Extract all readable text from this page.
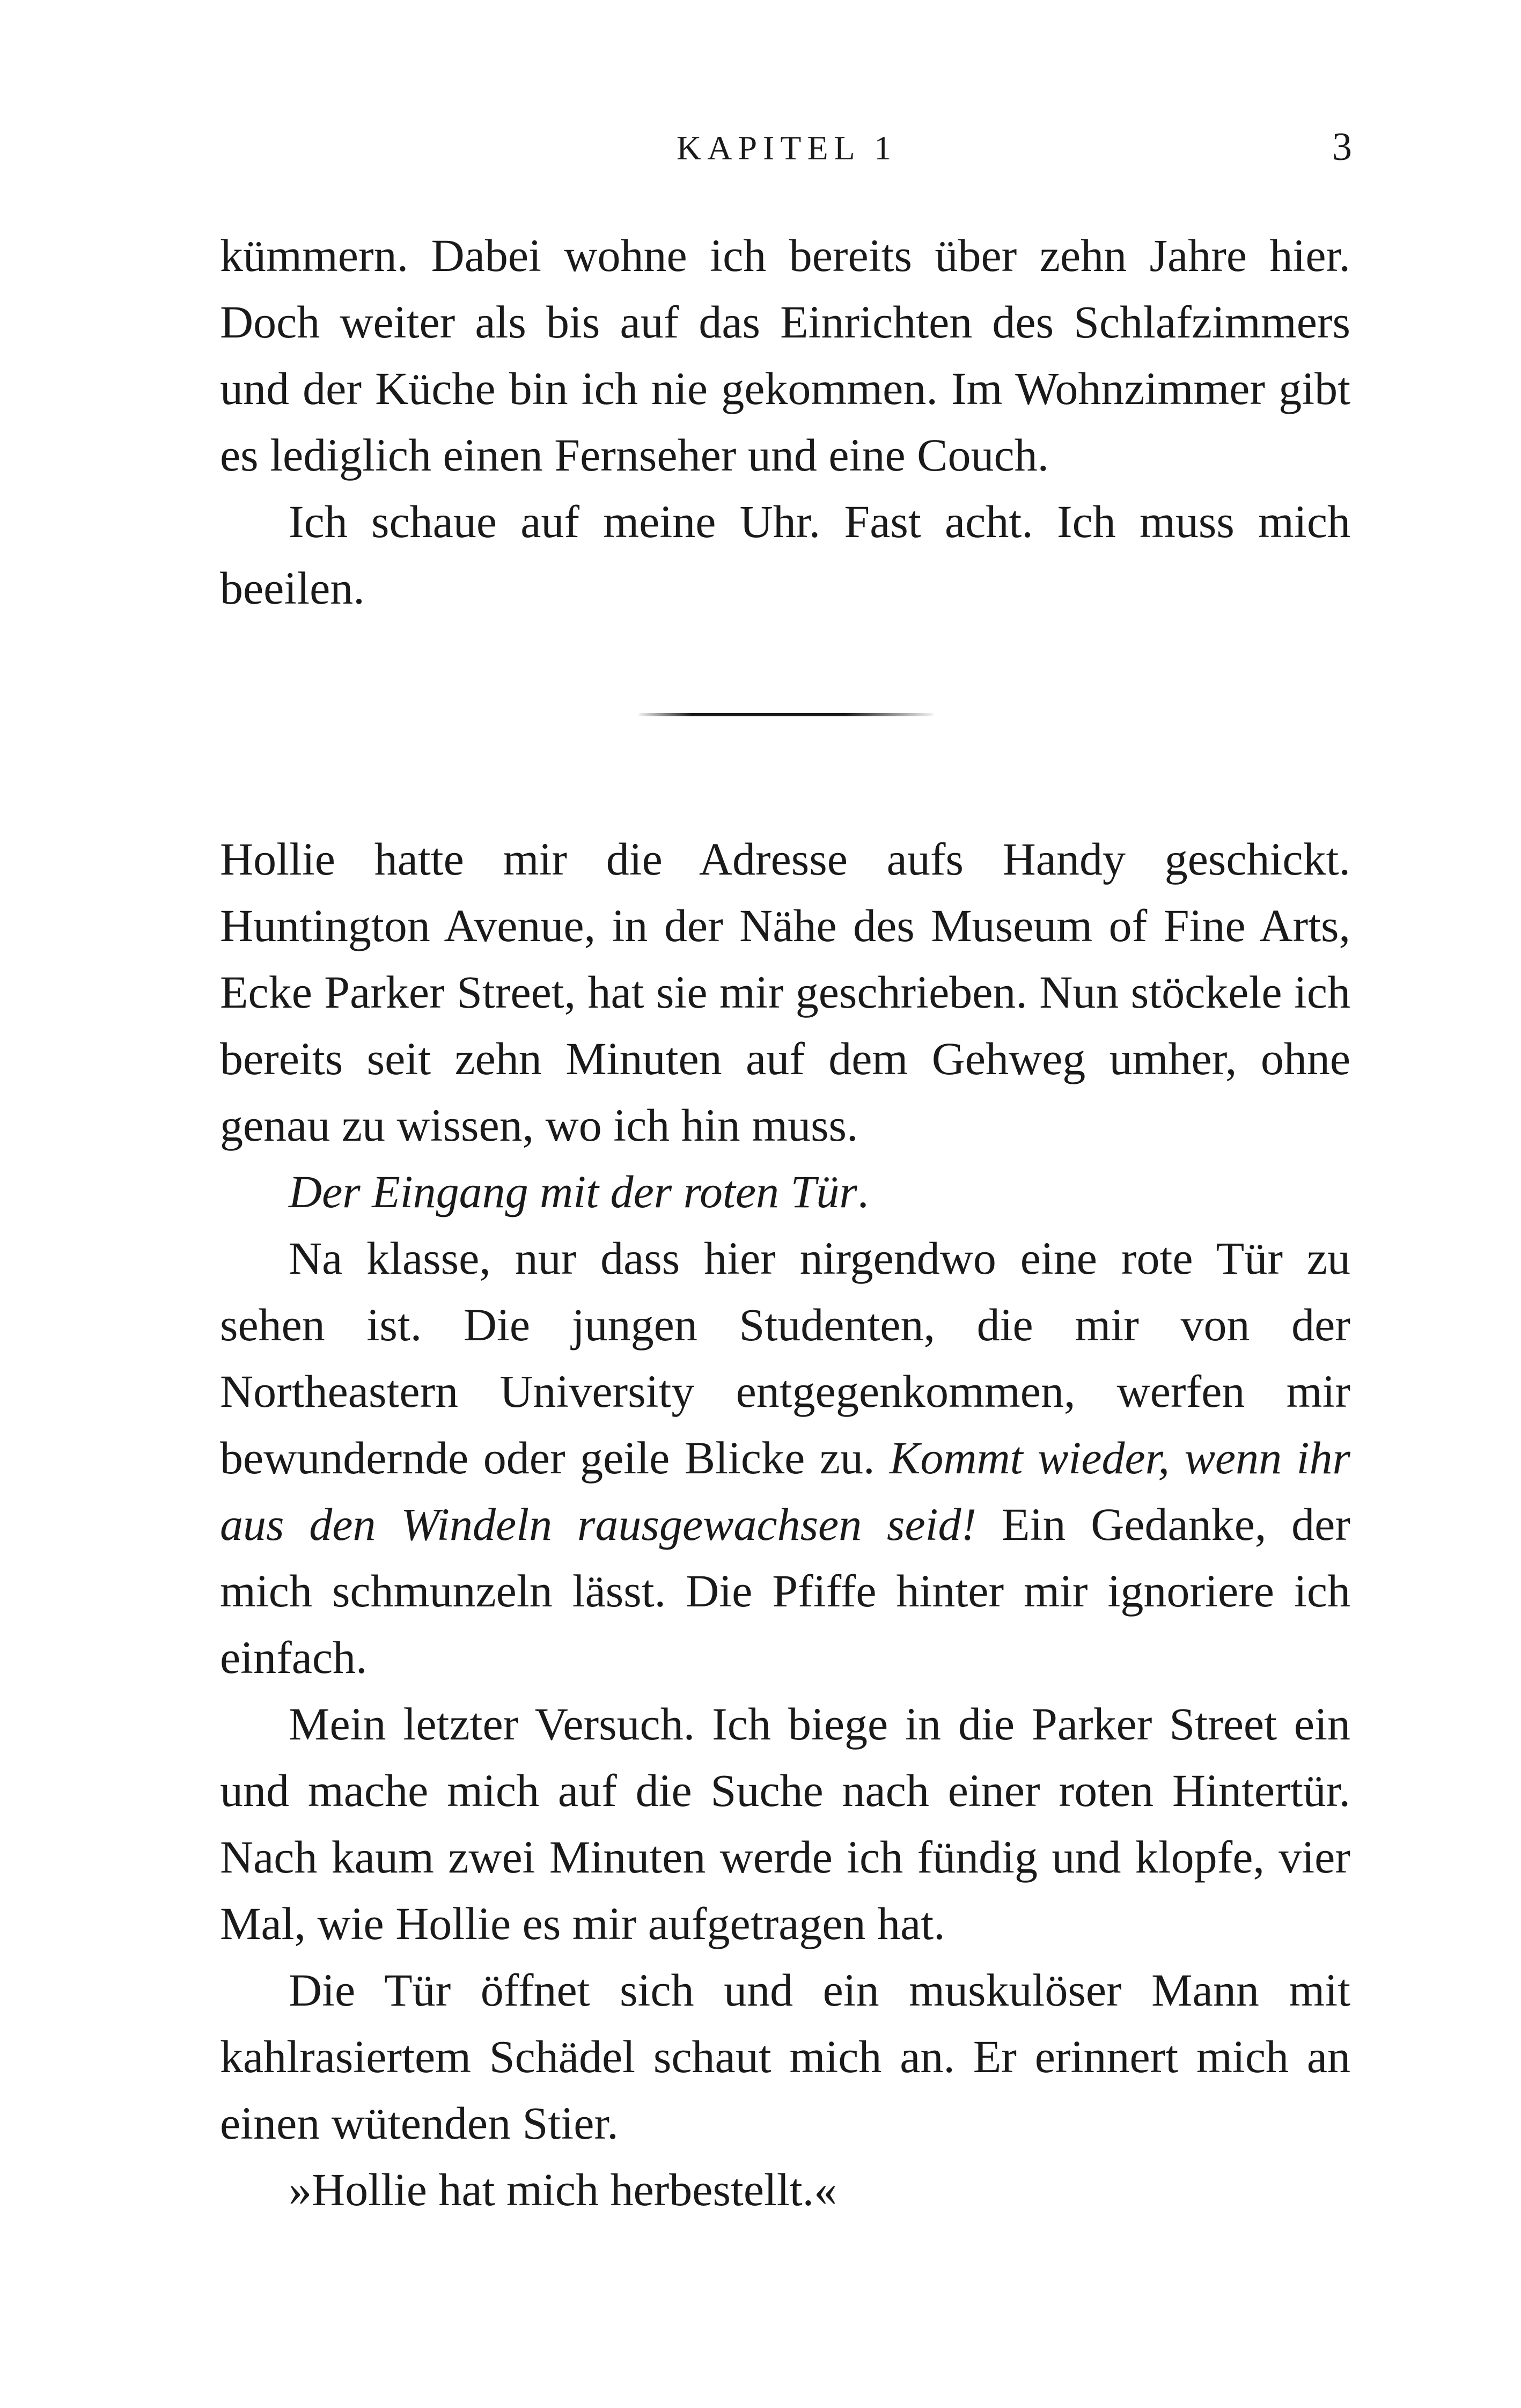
KAPITEL 1	3

kümmern. Dabei wohne ich bereits über zehn Jahre hier. Doch weiter als bis auf das Einrichten des Schlafzimmers und der Küche bin ich nie gekommen. Im Wohnzimmer gibt es lediglich einen Fernseher und eine Couch.

Ich schaue auf meine Uhr. Fast acht. Ich muss mich beeilen.

Hollie hatte mir die Adresse aufs Handy geschickt. Huntington Avenue, in der Nähe des Museum of Fine Arts, Ecke Parker Street, hat sie mir geschrieben. Nun stöckele ich bereits seit zehn Minuten auf dem Gehweg umher, ohne genau zu wissen, wo ich hin muss.

Der Eingang mit der roten Tür.

Na klasse, nur dass hier nirgendwo eine rote Tür zu sehen ist. Die jungen Studenten, die mir von der Northeastern University entgegenkommen, werfen mir bewundernde oder geile Blicke zu. Kommt wieder, wenn ihr aus den Windeln rausgewachsen seid! Ein Gedanke, der mich schmunzeln lässt. Die Pfiffe hinter mir ignoriere ich einfach.

Mein letzter Versuch. Ich biege in die Parker Street ein und mache mich auf die Suche nach einer roten Hintertür. Nach kaum zwei Minuten werde ich fündig und klopfe, vier Mal, wie Hollie es mir aufgetragen hat.

Die Tür öffnet sich und ein muskulöser Mann mit kahlrasiertem Schädel schaut mich an. Er erinnert mich an einen wütenden Stier.

»Hollie hat mich herbestellt.«
